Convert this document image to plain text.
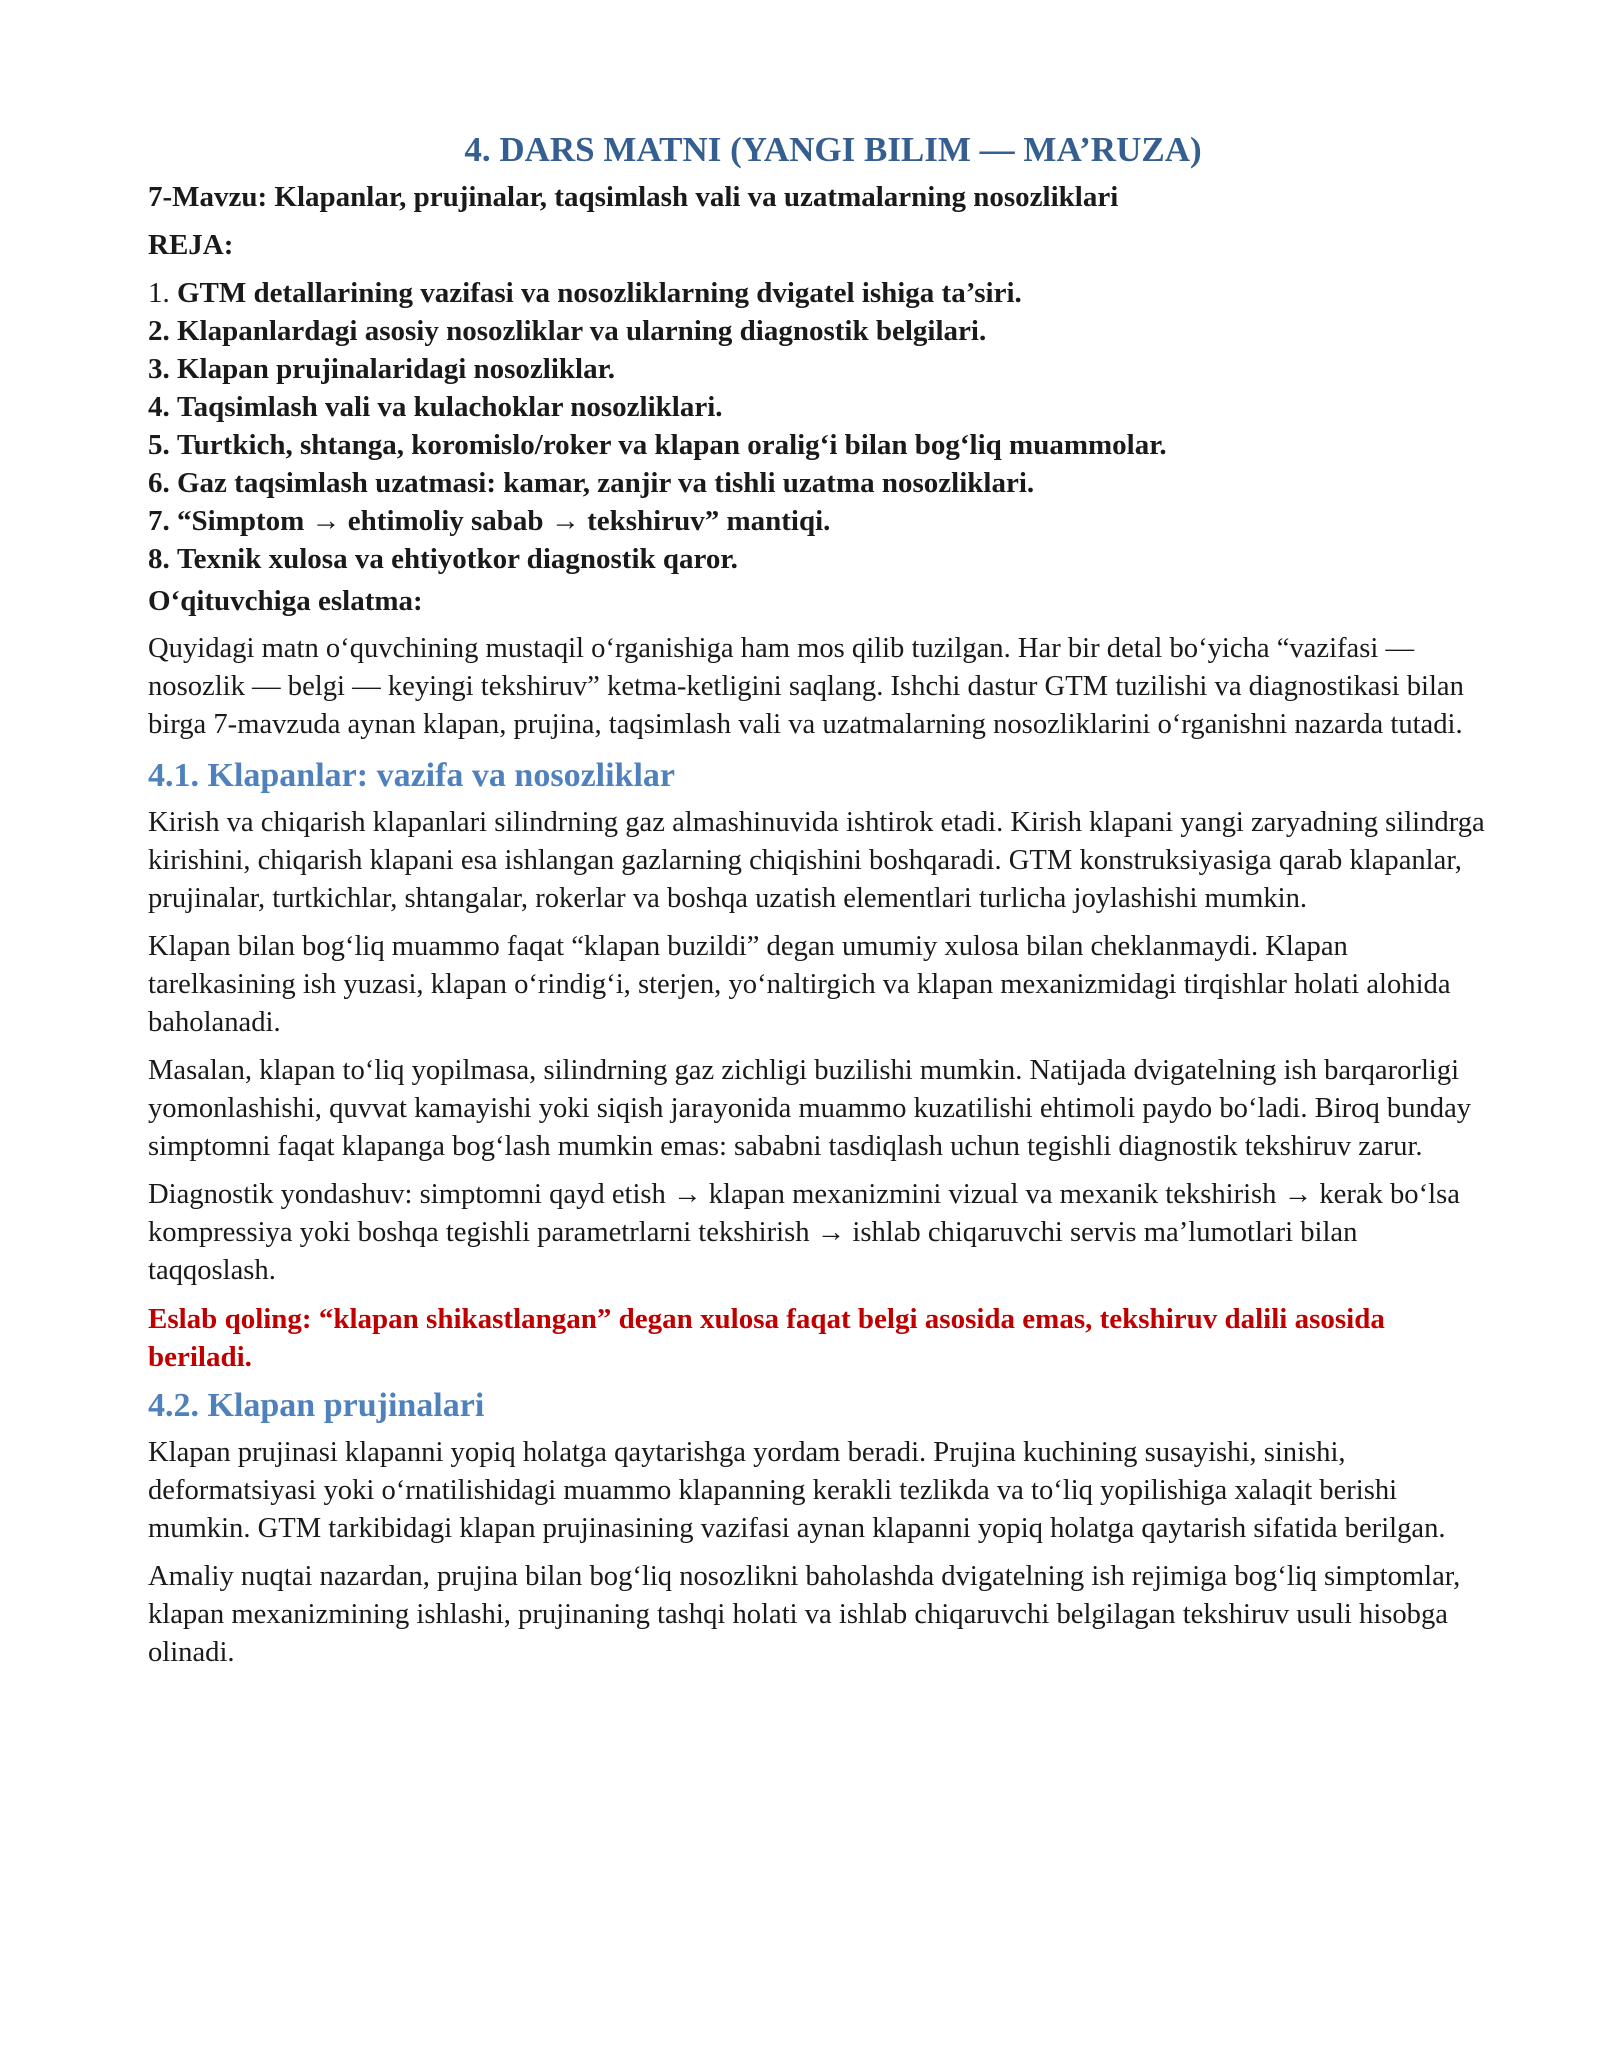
4. DARS MATNI (YANGI BILIM — MA’RUZA)
7-Mavzu: Klapanlar, prujinalar, taqsimlash vali va uzatmalarning nosozliklari
REJA:
1. GTM detallarining vazifasi va nosozliklarning dvigatel ishiga ta’siri.
2. Klapanlardagi asosiy nosozliklar va ularning diagnostik belgilari.
3. Klapan prujinalaridagi nosozliklar.
4. Taqsimlash vali va kulachoklar nosozliklari.
5. Turtkich, shtanga, koromislo/roker va klapan oralig‘i bilan bog‘liq muammolar.
6. Gaz taqsimlash uzatmasi: kamar, zanjir va tishli uzatma nosozliklari.
7. “Simptom → ehtimoliy sabab → tekshiruv” mantiqi.
8. Texnik xulosa va ehtiyotkor diagnostik qaror.
O‘qituvchiga eslatma:

Quyidagi matn o‘quvchining mustaqil o‘rganishiga ham mos qilib tuzilgan. Har bir detal bo‘yicha “vazifasi — nosozlik — belgi — keyingi tekshiruv” ketma-ketligini saqlang. Ishchi dastur GTM tuzilishi va diagnostikasi bilan birga 7-mavzuda aynan klapan, prujina, taqsimlash vali va uzatmalarning nosozliklarini o‘rganishni nazarda tutadi.

4.1. Klapanlar: vazifa va nosozliklar

Kirish va chiqarish klapanlari silindrning gaz almashinuvida ishtirok etadi. Kirish klapani yangi zaryadning silindrga kirishini, chiqarish klapani esa ishlangan gazlarning chiqishini boshqaradi. GTM konstruksiyasiga qarab klapanlar, prujinalar, turtkichlar, shtangalar, rokerlar va boshqa uzatish elementlari turlicha joylashishi mumkin.

Klapan bilan bog‘liq muammo faqat “klapan buzildi” degan umumiy xulosa bilan cheklanmaydi. Klapan tarelkasining ish yuzasi, klapan o‘rindig‘i, sterjen, yo‘naltirgich va klapan mexanizmidagi tirqishlar holati alohida baholanadi.

Masalan, klapan to‘liq yopilmasa, silindrning gaz zichligi buzilishi mumkin. Natijada dvigatelning ish barqarorligi yomonlashishi, quvvat kamayishi yoki siqish jarayonida muammo kuzatilishi ehtimoli paydo bo‘ladi. Biroq bunday simptomni faqat klapanga bog‘lash mumkin emas: sababni tasdiqlash uchun tegishli diagnostik tekshiruv zarur.

Diagnostik yondashuv: simptomni qayd etish → klapan mexanizmini vizual va mexanik tekshirish → kerak bo‘lsa kompressiya yoki boshqa tegishli parametrlarni tekshirish → ishlab chiqaruvchi servis ma’lumotlari bilan taqqoslash.

Eslab qoling: “klapan shikastlangan” degan xulosa faqat belgi asosida emas, tekshiruv dalili asosida beriladi.
4.2. Klapan prujinalari

Klapan prujinasi klapanni yopiq holatga qaytarishga yordam beradi. Prujina kuchining susayishi, sinishi, deformatsiyasi yoki o‘rnatilishidagi muammo klapanning kerakli tezlikda va to‘liq yopilishiga xalaqit berishi mumkin. GTM tarkibidagi klapan prujinasining vazifasi aynan klapanni yopiq holatga qaytarish sifatida berilgan.

Amaliy nuqtai nazardan, prujina bilan bog‘liq nosozlikni baholashda dvigatelning ish rejimiga bog‘liq simptomlar, klapan mexanizmining ishlashi, prujinaning tashqi holati va ishlab chiqaruvchi belgilagan tekshiruv usuli hisobga olinadi.
